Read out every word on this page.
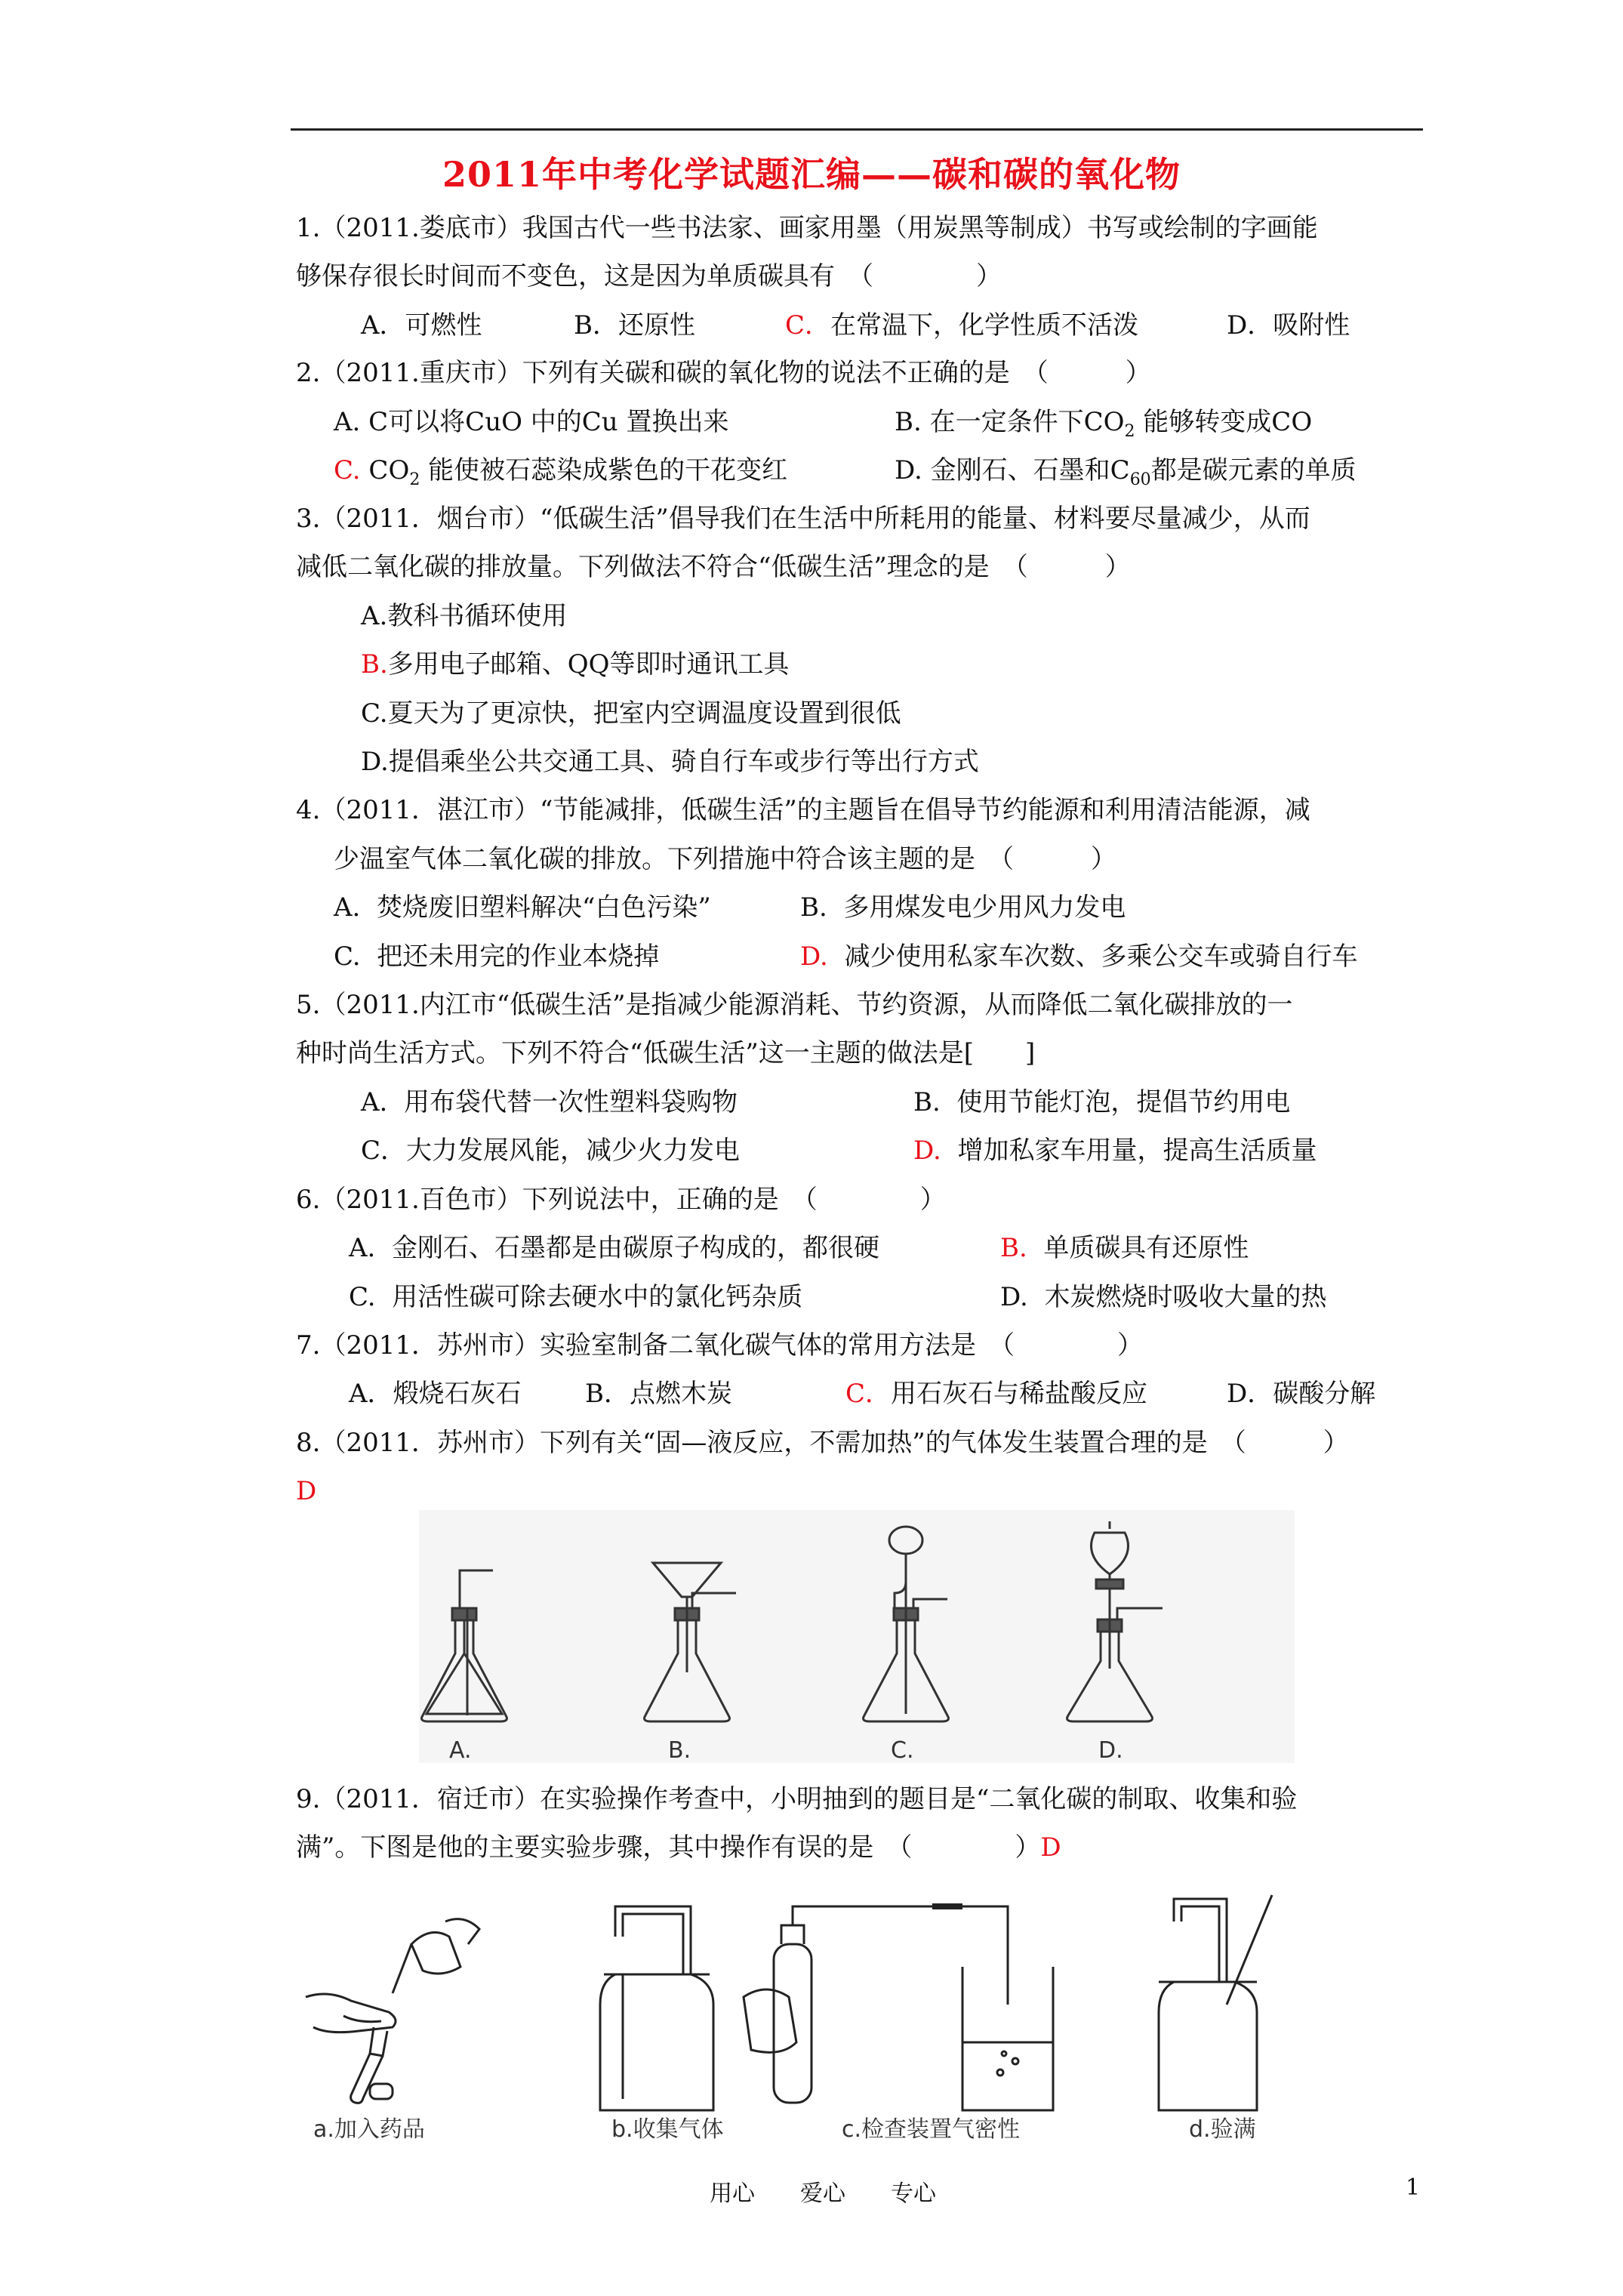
2011年中考化学试题汇编——碳和碳的氧化物
1.（2011.娄底市）我国古代一些书法家、画家用墨（用炭黑等制成）书写或绘制的字画能
够保存很长时间而不变色，这是因为单质碳具有　（　　　　）
A．可燃性	B．还原性	C．在常温下，化学性质不活泼	D．吸附性
2.（2011.重庆市）下列有关碳和碳的氧化物的说法不正确的是　（　　　）
A. C可以将CuO 中的Cu 置换出来	B. 在一定条件下$CO_2$ 能够转变成CO
C. $CO_2$ 能使被石蕊染成紫色的干花变红	D. 金刚石、石墨和$C_{60}$都是碳元素的单质
3.（2011．烟台市）“低碳生活”倡导我们在生活中所耗用的能量、材料要尽量减少，从而
减低二氧化碳的排放量。下列做法不符合“低碳生活”理念的是　（　　　）
A.教科书循环使用
B.多用电子邮箱、QQ等即时通讯工具
C.夏天为了更凉快，把室内空调温度设置到很低
D.提倡乘坐公共交通工具、骑自行车或步行等出行方式
4.（2011．湛江市）“节能减排，低碳生活”的主题旨在倡导节约能源和利用清洁能源，减
少温室气体二氧化碳的排放。下列措施中符合该主题的是　（　　　）
A.  焚烧废旧塑料解决“白色污染”	B.  多用煤发电少用风力发电
C.  把还未用完的作业本烧掉	D.  减少使用私家车次数、多乘公交车或骑自行车
5.（2011.内江市“低碳生活”是指减少能源消耗、节约资源，从而降低二氧化碳排放的一
种时尚生活方式。下列不符合“低碳生活”这一主题的做法是[　　]
A.  用布袋代替一次性塑料袋购物	B.  使用节能灯泡，提倡节约用电
C．大力发展风能，减少火力发电	D.  增加私家车用量，提高生活质量
6.（2011.百色市）下列说法中，正确的是　（　　　　）
A.  金刚石、石墨都是由碳原子构成的，都很硬	B.  单质碳具有还原性
C.  用活性碳可除去硬水中的氯化钙杂质	D.  木炭燃烧时吸收大量的热
7.（2011．苏州市）实验室制备二氧化碳气体的常用方法是　（　　　　）
A．煅烧石灰石 B．点燃木炭	C．用石灰石与稀盐酸反应	D．碳酸分解
8.（2011．苏州市）下列有关“固—液反应，不需加热”的气体发生装置合理的是　（　　　）
D
A.	B.	C.	D.
9.（2011．宿迁市）在实验操作考查中，小明抽到的题目是“二氧化碳的制取、收集和验
满”。下图是他的主要实验步骤，其中操作有误的是　（　　　　）D
a.加入药品	b.收集气体	c.检查装置气密性	d.验满
用心　　爱心　　专心	1
